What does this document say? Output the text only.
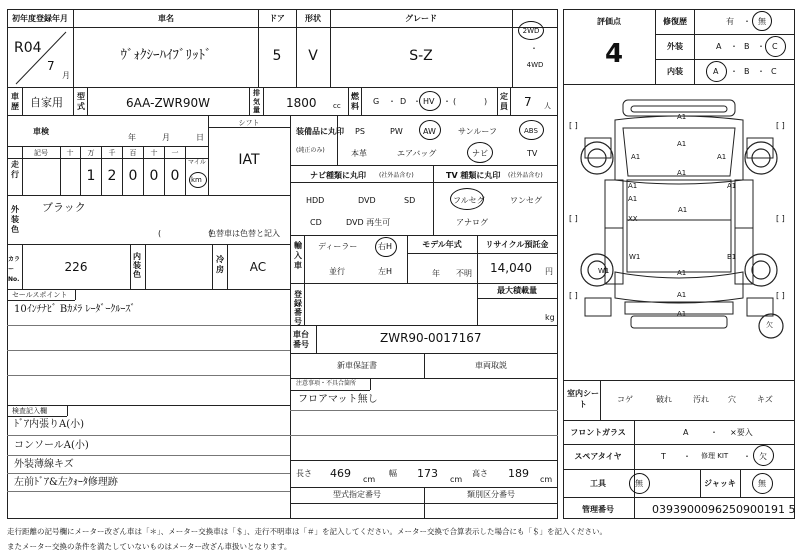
初年度登録年月	車名	ドア	形状	グレード
R04
7
月
ｳﾞｫｸｼｰﾊｲﾌﾞﾘｯﾄﾞ	5 V	S-Z
2WD
・
4WD
車歴 自家用 型式	6AA-ZWR90W
排気量 1800 cc
燃料
G ・ D ・ HV ・ (	)
定員 7 人
車検
年	月	日
シフト
IAT
走行
記号	十 万 千 百 十 一
1 2 0 0 0
マイル
km
外装色
ブラック
(　　　　　　)
色替車は色替と記入
カラーNo.
226
内装色
冷房 AC
セールスポイント
10ｲﾝﾁﾅﾋﾞ Bｶﾒﾗ ﾚｰﾀﾞｰｸﾙｰｽﾞ
検査記入欄
ﾄﾞｱ内張りA(小)
コンソールA(小)
外装薄線キズ
左前ﾄﾞｱ&左ｸｫｰﾀ修理跡
装備品に丸印
(純正のみ)
PS	PW	AW	サンルーフ	ABS
本革	エアバッグ	ナビ	TV
ナビ種類に丸印 (社外品含む)
HDD	DVD	SD
CD	DVD 再生可
TV 種類に丸印 (社外品含む)
フルセグ	ワンセグ
アナログ
輸入車
ディーラー
並行
右H
左H
モデル年式
年 不明
リサイクル預託金
14,040 円
登録番号
最大積載量
kg
車台番号	ZWR90-0017167
新車保証書	車両取説
注意事項・不具合箇所
フロアマット無し
長さ 469 cm
幅 173 cm
高さ 189 cm
型式指定番号	類別区分番号
評価点
4
修復歴	有 ・ 無
外装	A ・ B ・ C
内装	A ・ B ・ C
[ ]	[ ]
[ ]	[ ]
[ ]	[ ]
A1
A1
A1	A1
A1
A1
A1
A1
A1
XX
W1
W1
B1
A1
A1
A1
欠
室内シート
コゲ	破れ	汚れ 穴	キズ
フロントガラス	A	・ ×要入
スペアタイヤ	T ・ 修理 KIT ・ 欠
工具	無	ジャッキ	無
管理番号	0393900096250900191 5
走行距離の記号欄にメーター改ざん車は「＊」、メーター交換車は「＄」、走行不明車は「＃」を記入してください。メーター交換で合算表示した場合にも「＄」を記入ください。
またメーター交換の条件を満たしていないものはメーター改ざん車扱いとなります。
